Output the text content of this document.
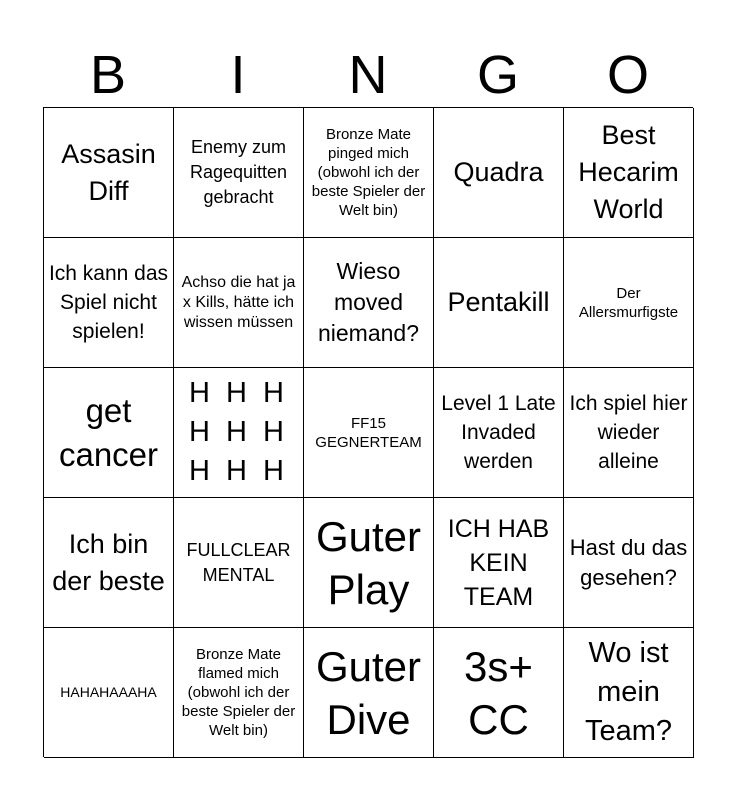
B	I	N	G	O
Assasin Diff
Enemy zum Ragequitten gebracht
Bronze Mate pinged mich (obwohl ich der beste Spieler der Welt bin)
Quadra
Best Hecarim World
Ich kann das Spiel nicht spielen!
Achso die hat ja x Kills, hätte ich wissen müssen
Wieso moved niemand?
Pentakill	Der Allersmurfigste
get cancer
H H H H H H H H H
FF15 GEGNERTEAM
Level 1 Late Invaded werden
Ich spiel hier wieder alleine
Ich bin der beste
FULLCLEAR MENTAL
Guter Play
ICH HAB KEIN TEAM
Hast du das gesehen?
HAHAHAAAHA
Bronze Mate flamed mich (obwohl ich der beste Spieler der Welt bin)
Guter Dive
3s+ CC
Wo ist mein Team?
